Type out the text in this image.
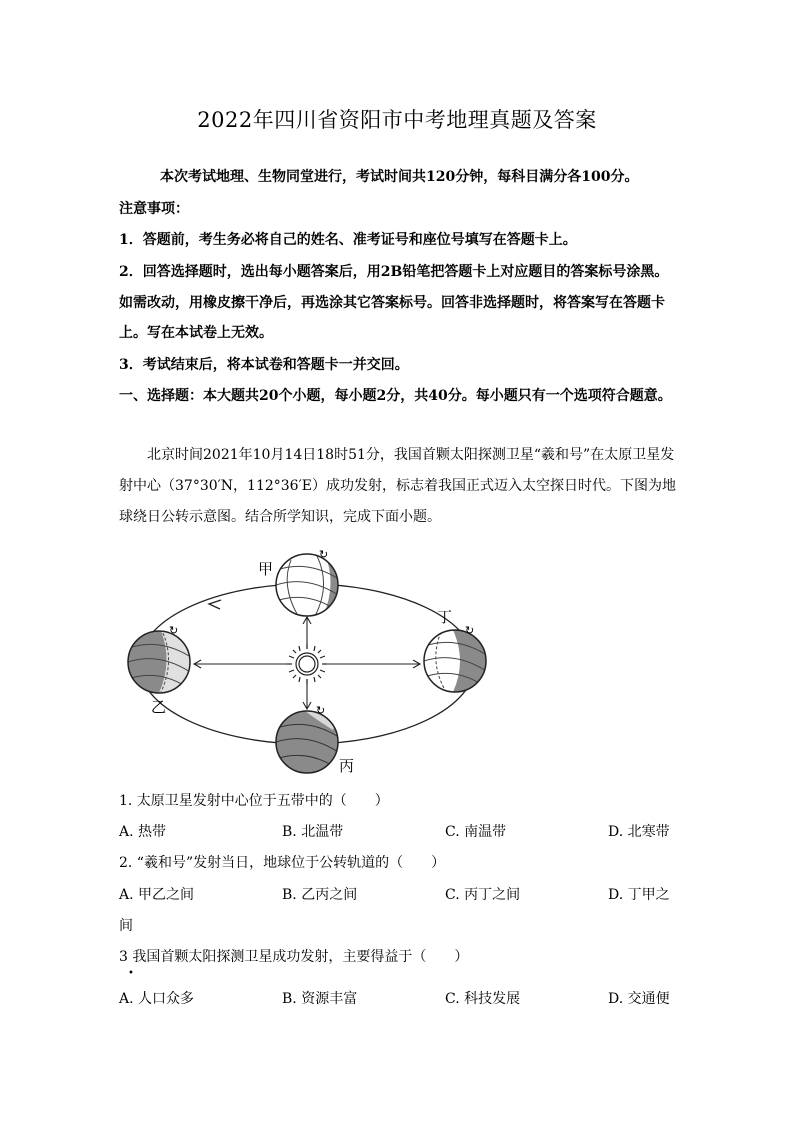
2022年四川省资阳市中考地理真题及答案
本次考试地理、生物同堂进行，考试时间共120分钟，每科目满分各100分。
注意事项：
1．答题前，考生务必将自己的姓名、准考证号和座位号填写在答题卡上。
2．回答选择题时，选出每小题答案后，用2B铅笔把答题卡上对应题目的答案标号涂黑。
如需改动，用橡皮擦干净后，再选涂其它答案标号。回答非选择题时，将答案写在答题卡
上。写在本试卷上无效。
3．考试结束后，将本试卷和答题卡一并交回。
一、选择题：本大题共20个小题，每小题2分，共40分。每小题只有一个选项符合题意。
北京时间2021年10月14日18时51分，我国首颗太阳探测卫星“羲和号”在太原卫星发射中心（37°30′N，112°36′E）成功发射，标志着我国正式迈入太空探日时代。下图为地球绕日公转示意图。结合所学知识，完成下面小题。
↻
↻	↻
↻
甲
乙
丙
丁
1. 太原卫星发射中心位于五带中的（　　）
A. 热带	B. 北温带	C. 南温带	D. 北寒带
2. “羲和号”发射当日，地球位于公转轨道的（　　）
A. 甲乙之间	B. 乙丙之间	C. 丙丁之间	D. 丁甲之
间
3 我国首颗太阳探测卫星成功发射，主要得益于（　　）
•
A. 人口众多	B. 资源丰富	C. 科技发展	D. 交通便
